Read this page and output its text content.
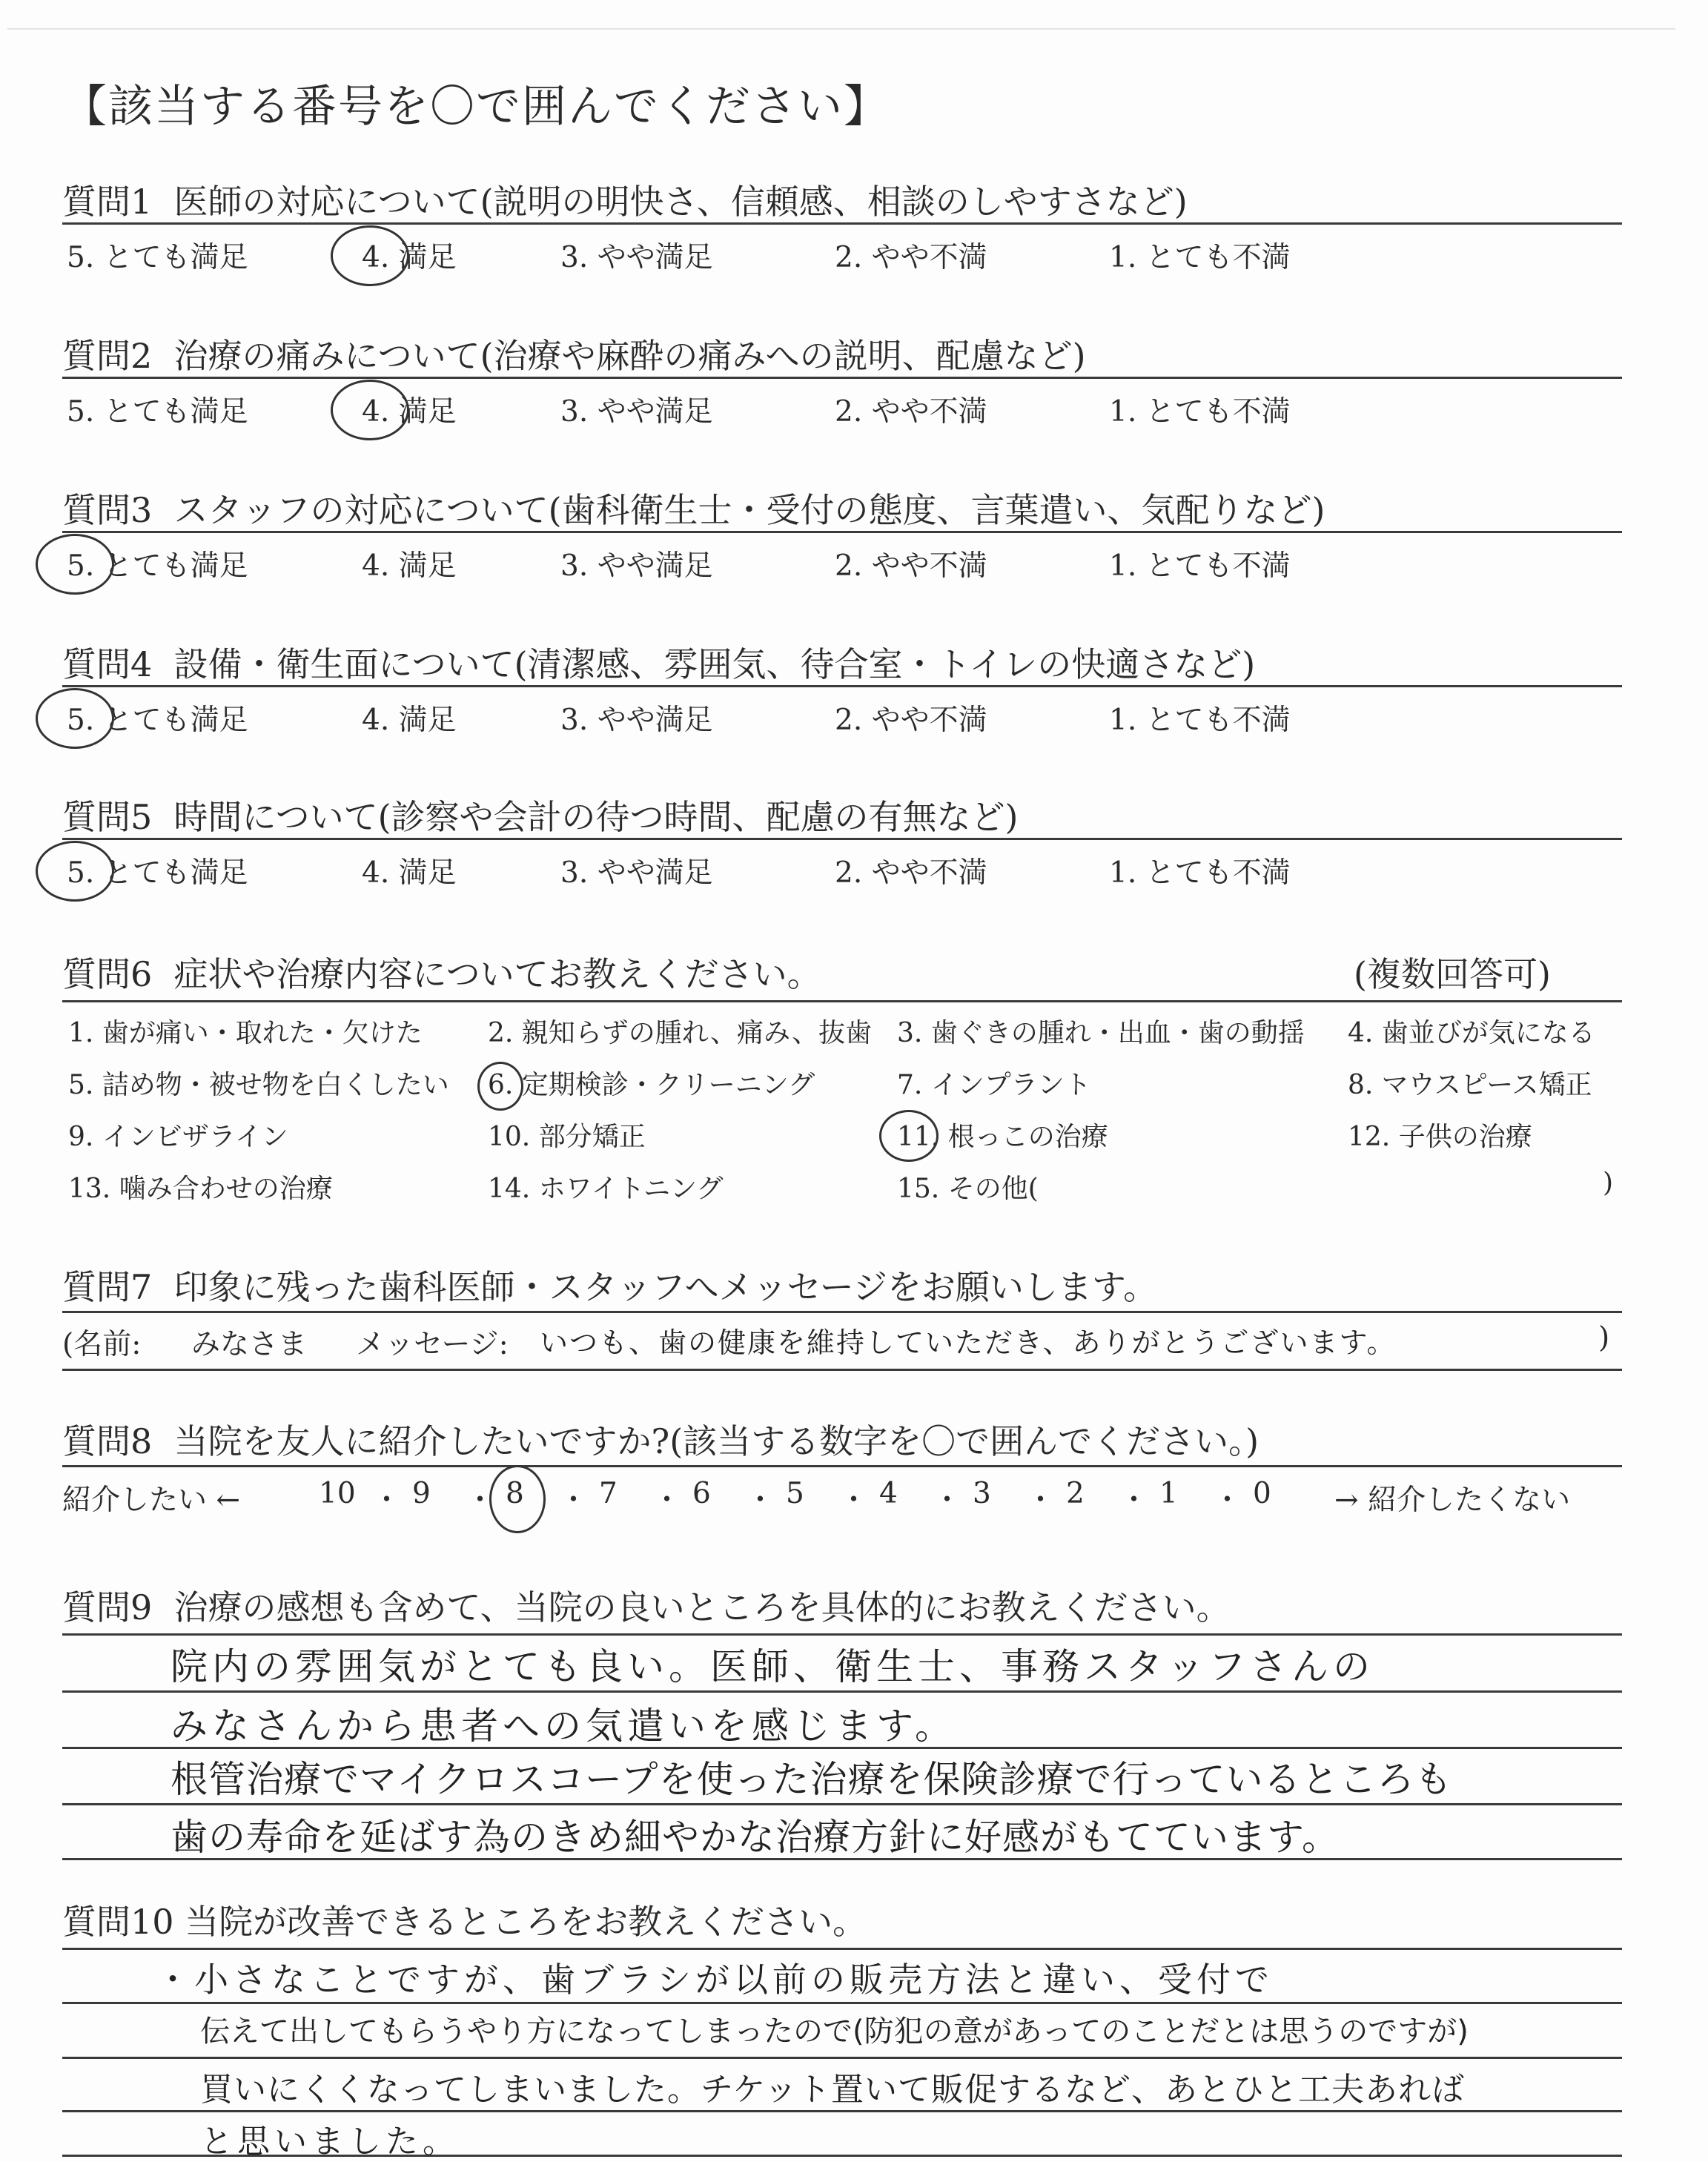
【該当する番号を〇で囲んでください】
質問1 医師の対応について(説明の明快さ、信頼感、相談のしやすさなど)
5. とても満足	4. 満足	3. やや満足	2. やや不満	1. とても不満
質問2 治療の痛みについて(治療や麻酔の痛みへの説明、配慮など)
5. とても満足	4. 満足	3. やや満足	2. やや不満	1. とても不満
質問3 スタッフの対応について(歯科衛生士・受付の態度、言葉遣い、気配りなど)
5. とても満足	4. 満足	3. やや満足	2. やや不満	1. とても不満
質問4 設備・衛生面について(清潔感、雰囲気、待合室・トイレの快適さなど)
5. とても満足	4. 満足	3. やや満足	2. やや不満	1. とても不満
質問5 時間について(診察や会計の待つ時間、配慮の有無など)
5. とても満足	4. 満足	3. やや満足	2. やや不満	1. とても不満
質問6 症状や治療内容についてお教えください。	(複数回答可)
1. 歯が痛い・取れた・欠けた 2. 親知らずの腫れ、痛み、抜歯 3. 歯ぐきの腫れ・出血・歯の動揺 4. 歯並びが気になる
5. 詰め物・被せ物を白くしたい 6. 定期検診・クリーニング	7. インプラント	8. マウスピース矯正
9. インビザライン	10. 部分矯正	11. 根っこの治療	12. 子供の治療
13. 噛み合わせの治療	14. ホワイトニング	15. その他(	)
質問7 印象に残った歯科医師・スタッフへメッセージをお願いします。
(名前: みなさま メッセージ: いつも、歯の健康を維持していただき、ありがとうございます。	)
質問8 当院を友人に紹介したいですか?(該当する数字を〇で囲んでください。)
紹介したい ←	→ 紹介したくない
10 ・ 9 ・ 8 ・ 7 ・ 6 ・ 5 ・ 4 ・ 3 ・ 2 ・ 1 ・ 0
質問9 治療の感想も含めて、当院の良いところを具体的にお教えください。
院内の雰囲気がとても良い。医師、衛生士、事務スタッフさんの
みなさんから患者への気遣いを感じます。
根管治療でマイクロスコープを使った治療を保険診療で行っているところも
歯の寿命を延ばす為のきめ細やかな治療方針に好感がもてています。
質問10 当院が改善できるところをお教えください。
・小さなことですが、歯ブラシが以前の販売方法と違い、受付で
伝えて出してもらうやり方になってしまったので(防犯の意があってのことだとは思うのですが)
買いにくくなってしまいました。チケット置いて販促するなど、あとひと工夫あれば
と思いました。
